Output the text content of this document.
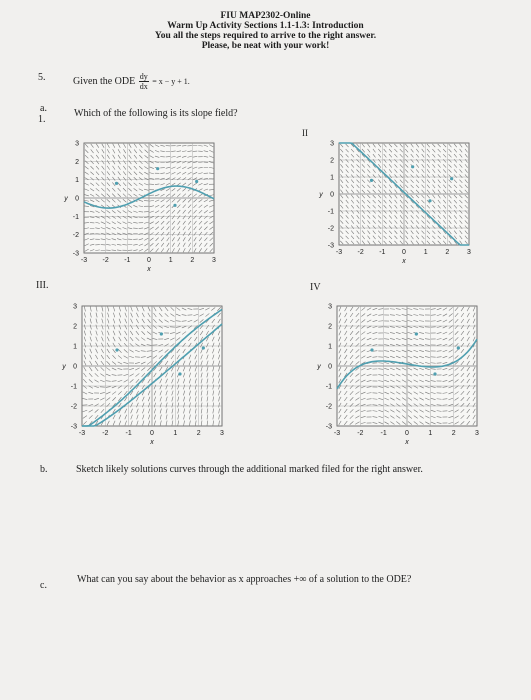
FIU MAP2302-Online
Warm Up Activity Sections 1.1-1.3: Introduction
You all the steps required to arrive to the right answer.
Please, be neat with your work!
5.	Given the ODE $\frac{dy}{dx} = x - y + 1$.
a.
1.
Which of the following is its slope field?
II
III.	IV
-3
-3
-2
-2
-1
-1
0
0
1
1
2
2
3
3
x
y
-3
-3
-2
-2
-1
-1
0
0
1
1
2
2
3
3
x
y
-3
-3
-2
-2
-1
-1
0
0
1
1
2
2
3
3
x
y
-3
-3
-2
-2
-1
-1
0
0
1
1
2
2
3
3
x
y
b.	Sketch likely solutions curves through the additional marked filed for the right answer.
c.
What can you say about the behavior as x approaches +∞ of a solution to the ODE?
